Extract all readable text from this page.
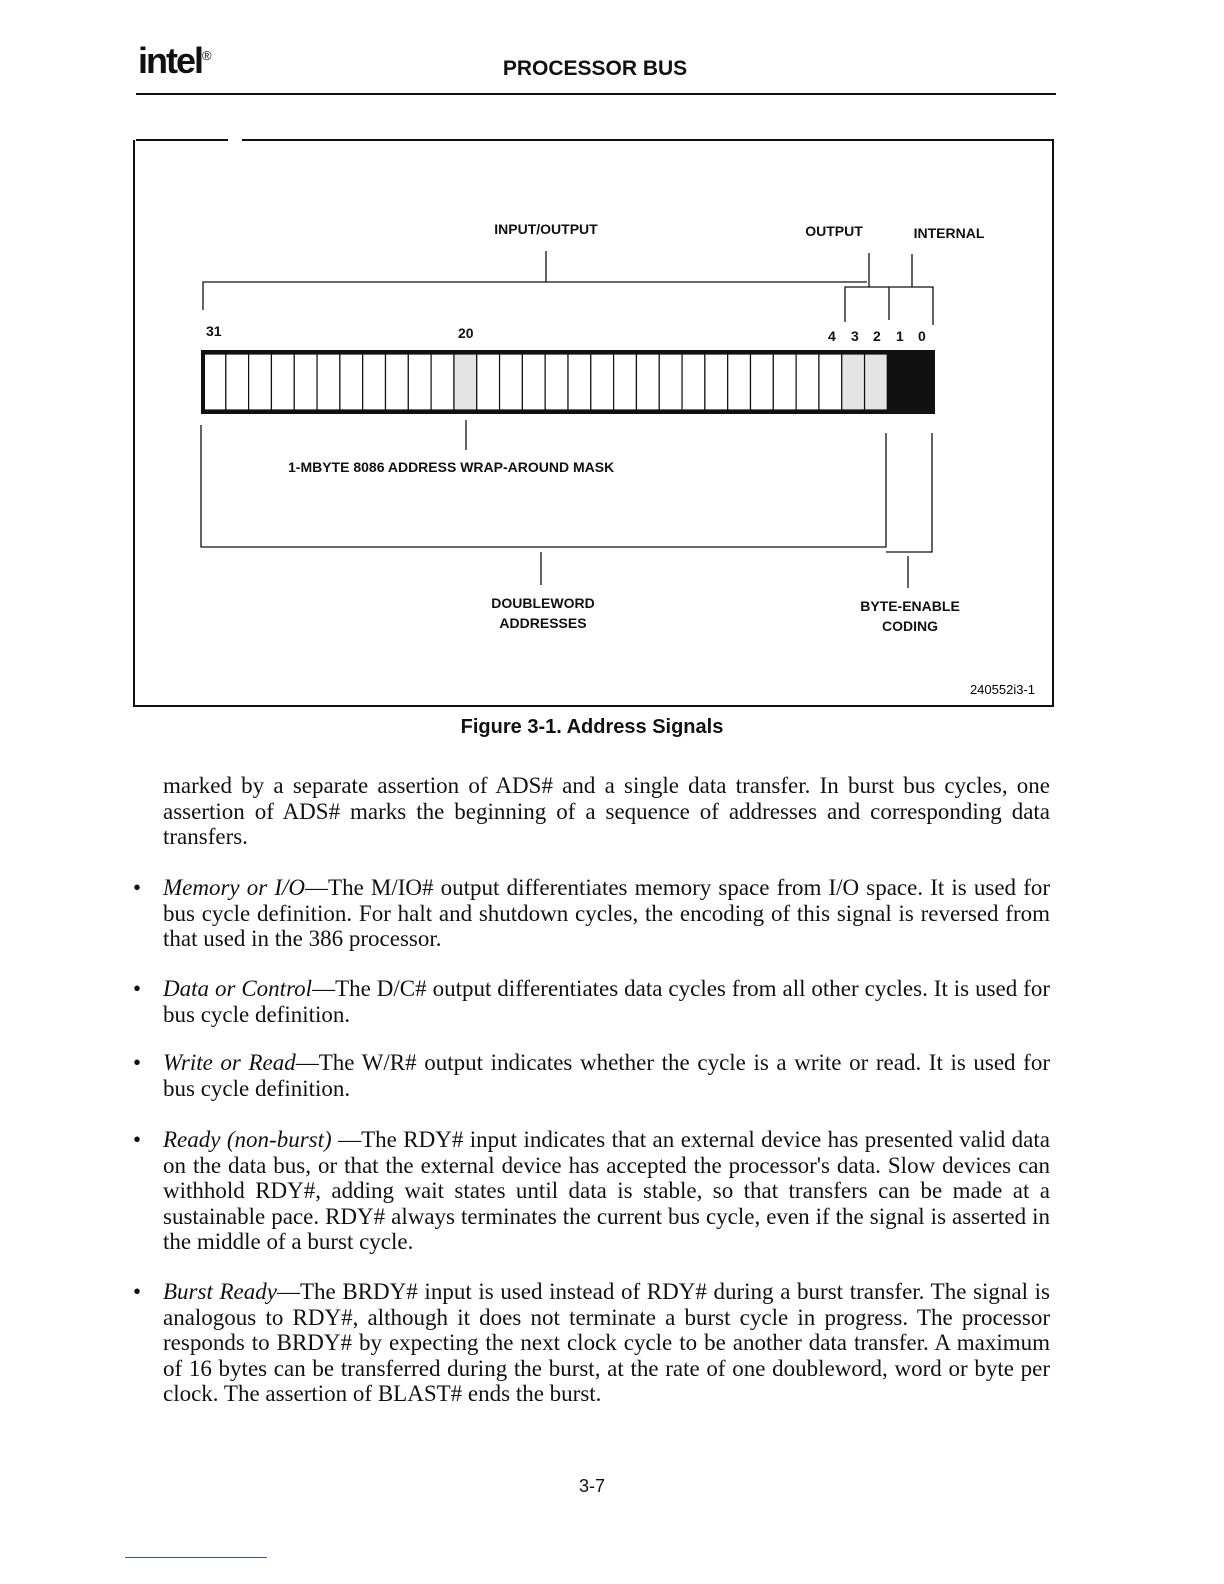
intel®
PROCESSOR BUS
INPUT/OUTPUT	OUTPUT	INTERNAL
31	20	4 3 2 1 0
1-MBYTE 8086 ADDRESS WRAP-AROUND MASK
DOUBLEWORD
ADDRESSES
BYTE-ENABLE
CODING
240552i3-1
Figure 3-1. Address Signals
marked by a separate assertion of ADS# and a single data transfer. In burst bus cycles, one assertion of ADS# marks the beginning of a sequence of addresses and corresponding data transfers.
• Memory or I/O—The M/IO# output differentiates memory space from I/O space. It is used for bus cycle definition. For halt and shutdown cycles, the encoding of this signal is reversed from that used in the 386 processor.
• Data or Control—The D/C# output differentiates data cycles from all other cycles. It is used for bus cycle definition.
• Write or Read—The W/R# output indicates whether the cycle is a write or read. It is used for bus cycle definition.
• Ready (non-burst) —The RDY# input indicates that an external device has presented valid data on the data bus, or that the external device has accepted the processor's data. Slow devices can withhold RDY#, adding wait states until data is stable, so that transfers can be made at a sustainable pace. RDY# always terminates the current bus cycle, even if the signal is asserted in the middle of a burst cycle.
• Burst Ready—The BRDY# input is used instead of RDY# during a burst transfer. The signal is analogous to RDY#, although it does not terminate a burst cycle in progress. The processor responds to BRDY# by expecting the next clock cycle to be another data transfer. A maximum of 16 bytes can be transferred during the burst, at the rate of one doubleword, word or byte per clock. The assertion of BLAST# ends the burst.
3-7
